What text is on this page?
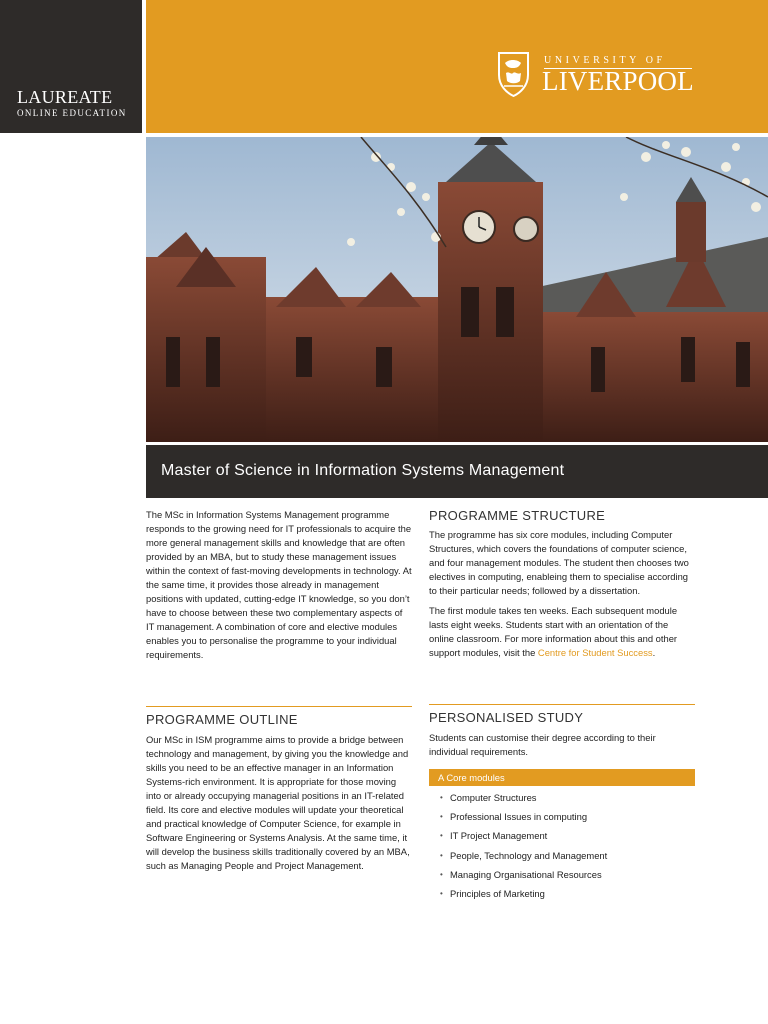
LAUREATE
ONLINE EDUCATION
UNIVERSITY OF
LIVERPOOL
Master of Science in Information Systems Management

The MSc in Information Systems Management programme responds to the growing need for IT professionals to acquire the more general management skills and knowledge that are often provided by an MBA, but to study these management issues within the context of fast-moving developments in technology. At the same time, it provides those already in management positions with updated, cutting-edge IT knowledge, so you don’t have to choose between these two complementary aspects of IT management. A combination of core and elective modules enables you to personalise the programme to your individual requirements.

PROGRAMME OUTLINE

Our MSc in ISM programme aims to provide a bridge between technology and management, by giving you the knowledge and skills you need to be an effective manager in an Information Systems-rich environment. It is appropriate for those moving into or already occupying managerial positions in an IT-related field. Its core and elective modules will update your theoretical and practical knowledge of Computer Science, for example in Software Engineering or Systems Analysis. At the same time, it will develop the business skills traditionally covered by an MBA, such as Managing People and Project Management.

PROGRAMME STRUCTURE

The programme has six core modules, including Computer Structures, which covers the foundations of computer science, and four management modules. The student then chooses two electives in computing, enableing them to specialise according to their particular needs; followed by a dissertation.

The first module takes ten weeks. Each subsequent module lasts eight weeks. Students start with an orientation of the online classroom. For more information about this and other support modules, visit the Centre for Student Success.

PERSONALISED STUDY

Students can customise their degree according to their individual requirements.

A Core modules
• Computer Structures
• Professional Issues in computing
• IT Project Management
• People, Technology and Management
• Managing Organisational Resources
• Principles of Marketing
